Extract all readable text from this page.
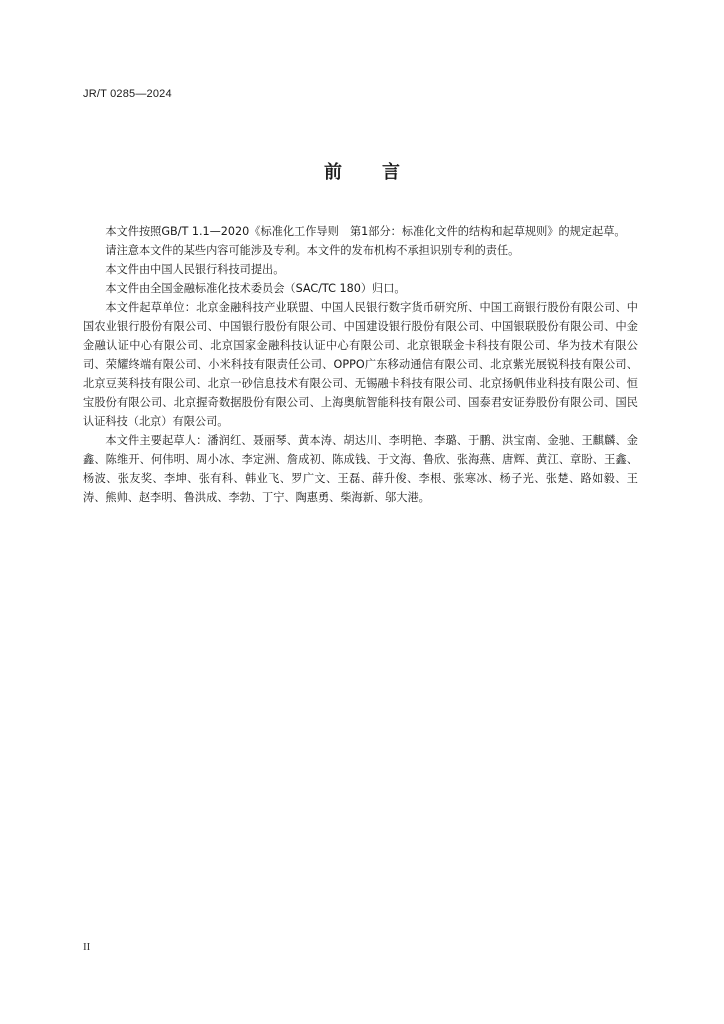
JR/T 0285—2024
前言

本文件按照GB/T 1.1—2020《标准化工作导则　第1部分：标准化文件的结构和起草规则》的规定起草。

请注意本文件的某些内容可能涉及专利。本文件的发布机构不承担识别专利的责任。

本文件由中国人民银行科技司提出。

本文件由全国金融标准化技术委员会（SAC/TC 180）归口。

本文件起草单位：北京金融科技产业联盟、中国人民银行数字货币研究所、中国工商银行股份有限公司、中国农业银行股份有限公司、中国银行股份有限公司、中国建设银行股份有限公司、中国银联股份有限公司、中金金融认证中心有限公司、北京国家金融科技认证中心有限公司、北京银联金卡科技有限公司、华为技术有限公司、荣耀终端有限公司、小米科技有限责任公司、OPPO广东移动通信有限公司、北京紫光展锐科技有限公司、北京豆荚科技有限公司、北京一砂信息技术有限公司、无锡融卡科技有限公司、北京扬帆伟业科技有限公司、恒宝股份有限公司、北京握奇数据股份有限公司、上海奥航智能科技有限公司、国泰君安证券股份有限公司、国民认证科技（北京）有限公司。

本文件主要起草人：潘润红、聂丽琴、黄本涛、胡达川、李明艳、李璐、于鹏、洪宝南、金驰、王麒麟、金鑫、陈维开、何伟明、周小冰、李定洲、詹成初、陈成钱、于文海、鲁欣、张海燕、唐辉、黄江、章盼、王鑫、杨波、张友奖、李坤、张有科、韩业飞、罗广文、王磊、薛升俊、李根、张寒冰、杨子光、张楚、路如毅、王涛、熊帅、赵李明、鲁洪成、李勃、丁宁、陶惠勇、柴海新、邬大港。

II
